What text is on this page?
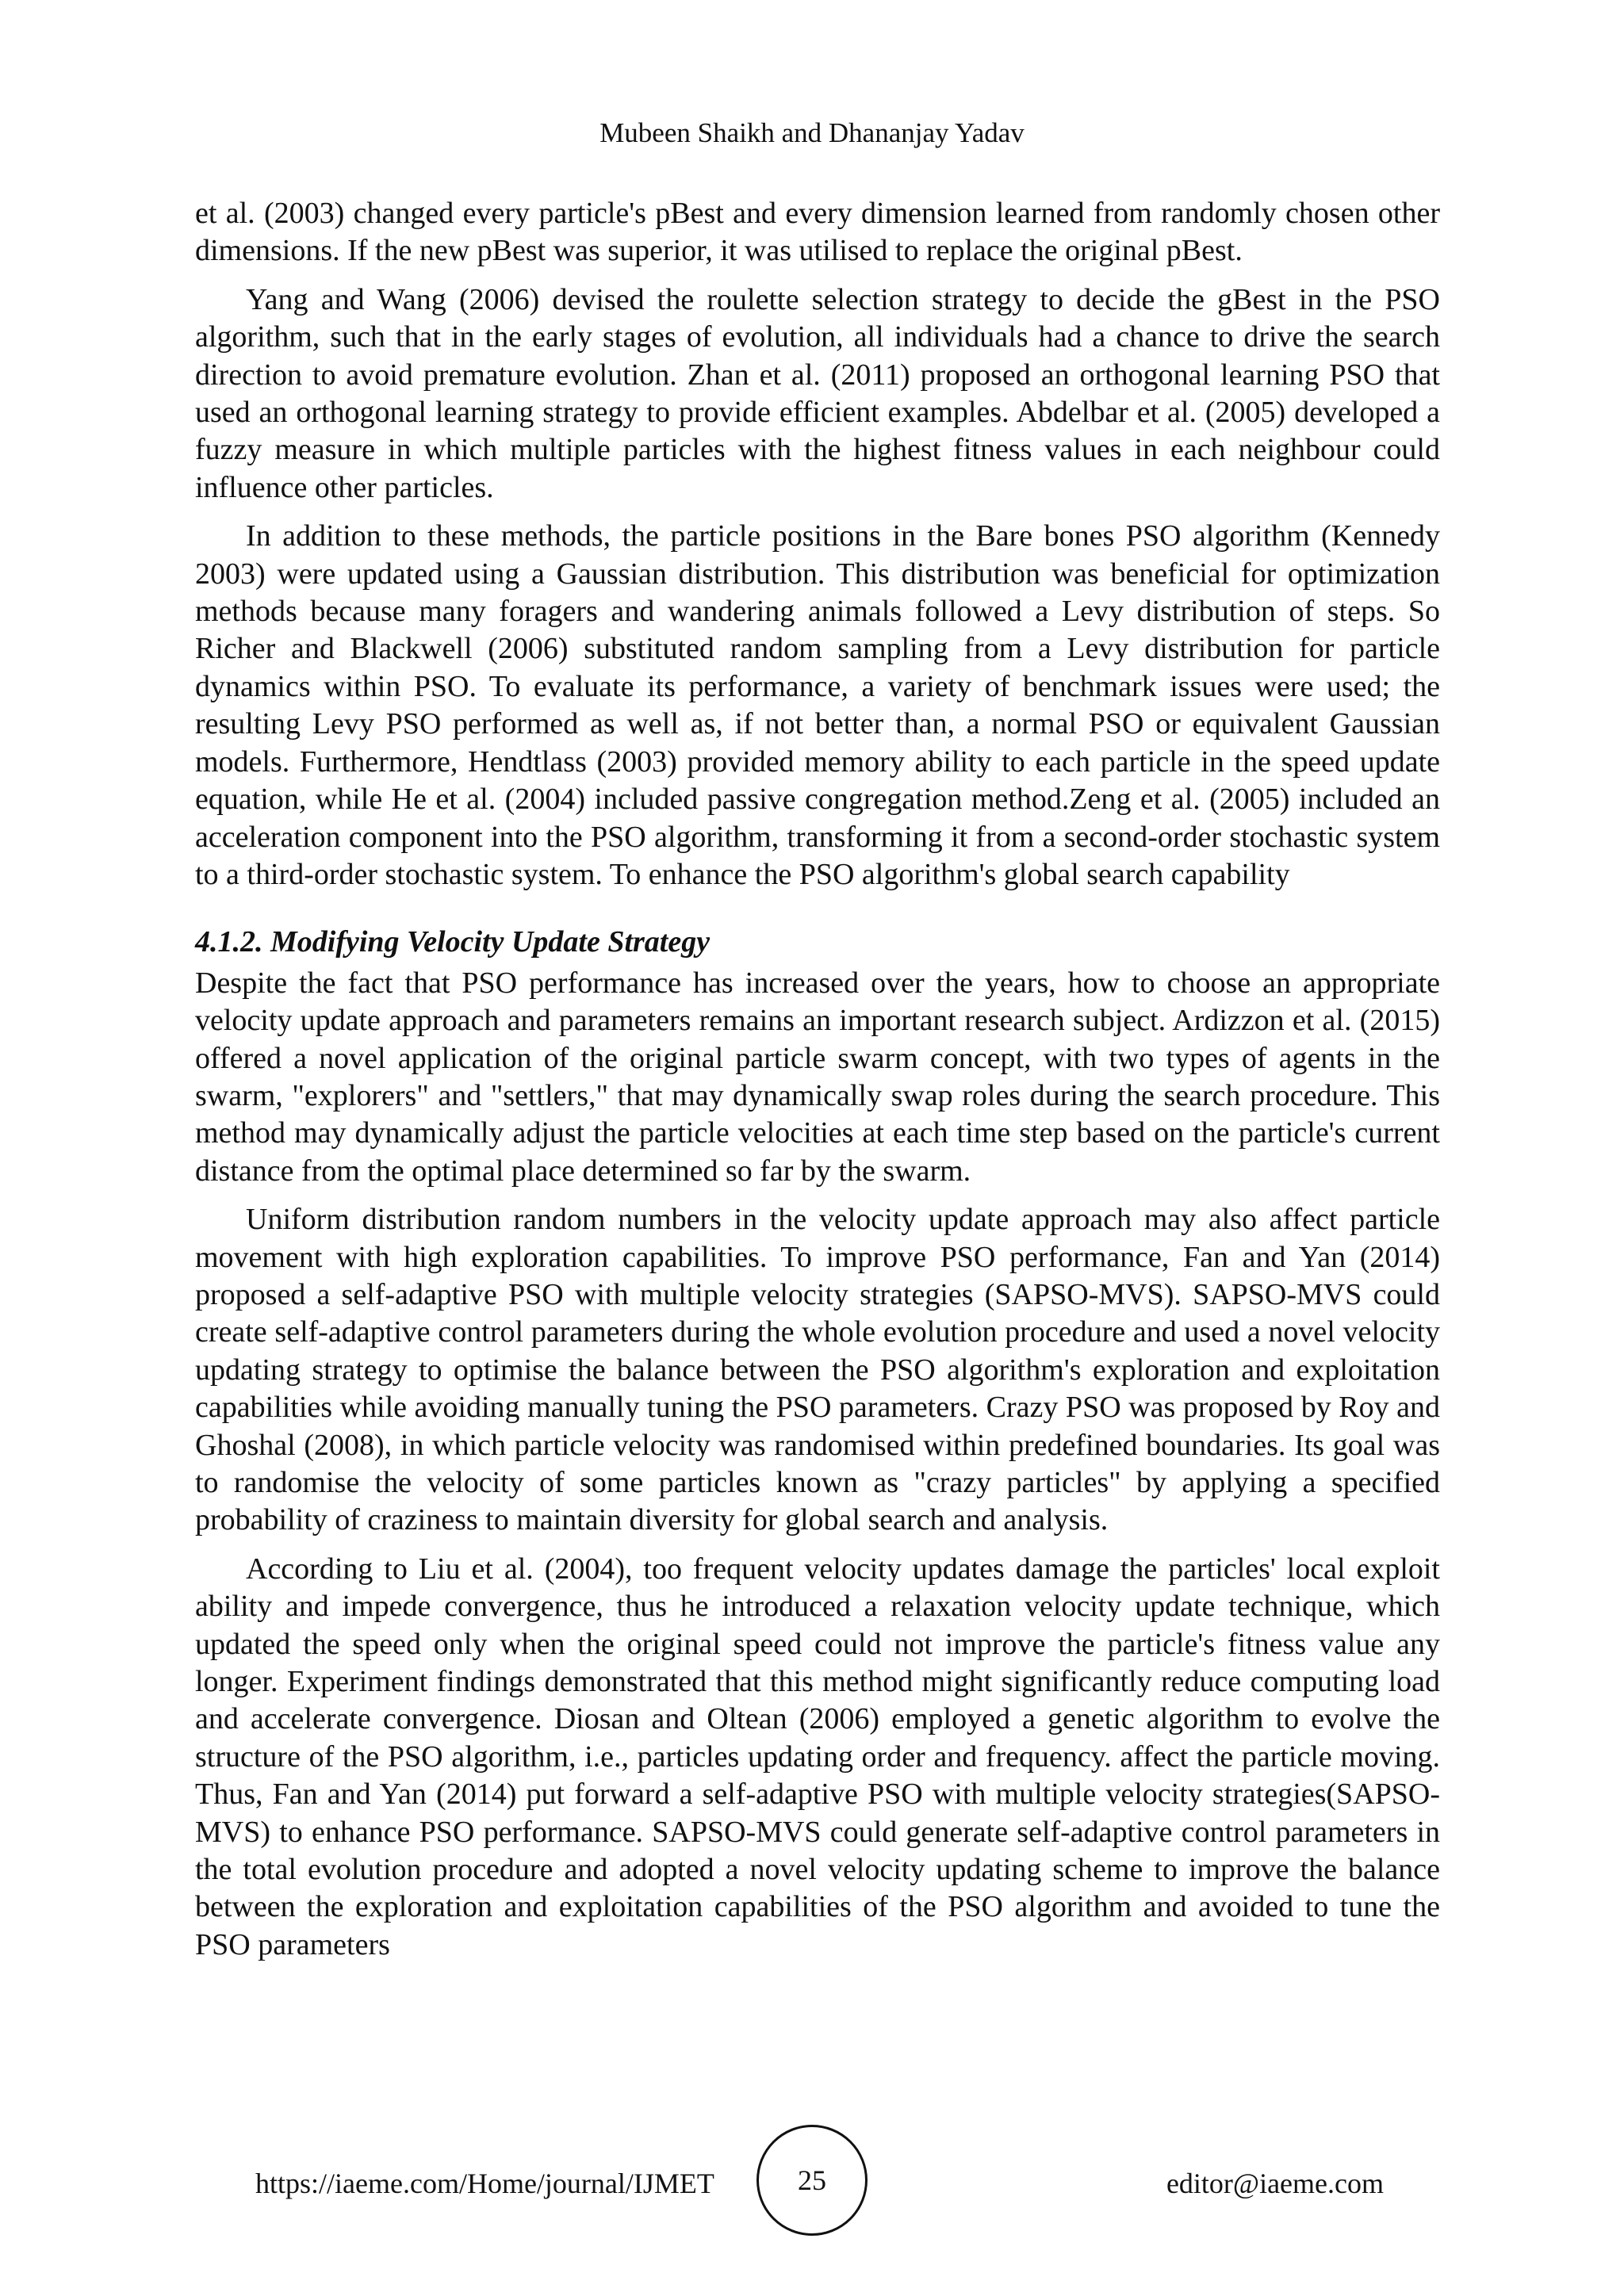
Mubeen Shaikh and Dhananjay Yadav

et al. (2003) changed every particle's pBest and every dimension learned from randomly chosen other dimensions. If the new pBest was superior, it was utilised to replace the original pBest.

Yang and Wang (2006) devised the roulette selection strategy to decide the gBest in the PSO algorithm, such that in the early stages of evolution, all individuals had a chance to drive the search direction to avoid premature evolution. Zhan et al. (2011) proposed an orthogonal learning PSO that used an orthogonal learning strategy to provide efficient examples. Abdelbar et al. (2005) developed a fuzzy measure in which multiple particles with the highest fitness values in each neighbour could influence other particles.

In addition to these methods, the particle positions in the Bare bones PSO algorithm (Kennedy 2003) were updated using a Gaussian distribution. This distribution was beneficial for optimization methods because many foragers and wandering animals followed a Levy distribution of steps. So Richer and Blackwell (2006) substituted random sampling from a Levy distribution for particle dynamics within PSO. To evaluate its performance, a variety of benchmark issues were used; the resulting Levy PSO performed as well as, if not better than, a normal PSO or equivalent Gaussian models. Furthermore, Hendtlass (2003) provided memory ability to each particle in the speed update equation, while He et al. (2004) included passive congregation method.Zeng et al. (2005) included an acceleration component into the PSO algorithm, transforming it from a second-order stochastic system to a third-order stochastic system. To enhance the PSO algorithm's global search capability

4.1.2. Modifying Velocity Update Strategy

Despite the fact that PSO performance has increased over the years, how to choose an appropriate velocity update approach and parameters remains an important research subject. Ardizzon et al. (2015) offered a novel application of the original particle swarm concept, with two types of agents in the swarm, "explorers" and "settlers," that may dynamically swap roles during the search procedure. This method may dynamically adjust the particle velocities at each time step based on the particle's current distance from the optimal place determined so far by the swarm.

Uniform distribution random numbers in the velocity update approach may also affect particle movement with high exploration capabilities. To improve PSO performance, Fan and Yan (2014) proposed a self-adaptive PSO with multiple velocity strategies (SAPSO-MVS). SAPSO-MVS could create self-adaptive control parameters during the whole evolution procedure and used a novel velocity updating strategy to optimise the balance between the PSO algorithm's exploration and exploitation capabilities while avoiding manually tuning the PSO parameters. Crazy PSO was proposed by Roy and Ghoshal (2008), in which particle velocity was randomised within predefined boundaries. Its goal was to randomise the velocity of some particles known as "crazy particles" by applying a specified probability of craziness to maintain diversity for global search and analysis.

According to Liu et al. (2004), too frequent velocity updates damage the particles' local exploit ability and impede convergence, thus he introduced a relaxation velocity update technique, which updated the speed only when the original speed could not improve the particle's fitness value any longer. Experiment findings demonstrated that this method might significantly reduce computing load and accelerate convergence. Diosan and Oltean (2006) employed a genetic algorithm to evolve the structure of the PSO algorithm, i.e., particles updating order and frequency. affect the particle moving. Thus, Fan and Yan (2014) put forward a self-adaptive PSO with multiple velocity strategies(SAPSO-MVS) to enhance PSO performance. SAPSO-MVS could generate self-adaptive control parameters in the total evolution procedure and adopted a novel velocity updating scheme to improve the balance between the exploration and exploitation capabilities of the PSO algorithm and avoided to tune the PSO parameters

https://iaeme.com/Home/journal/IJMET	25	editor@iaeme.com
